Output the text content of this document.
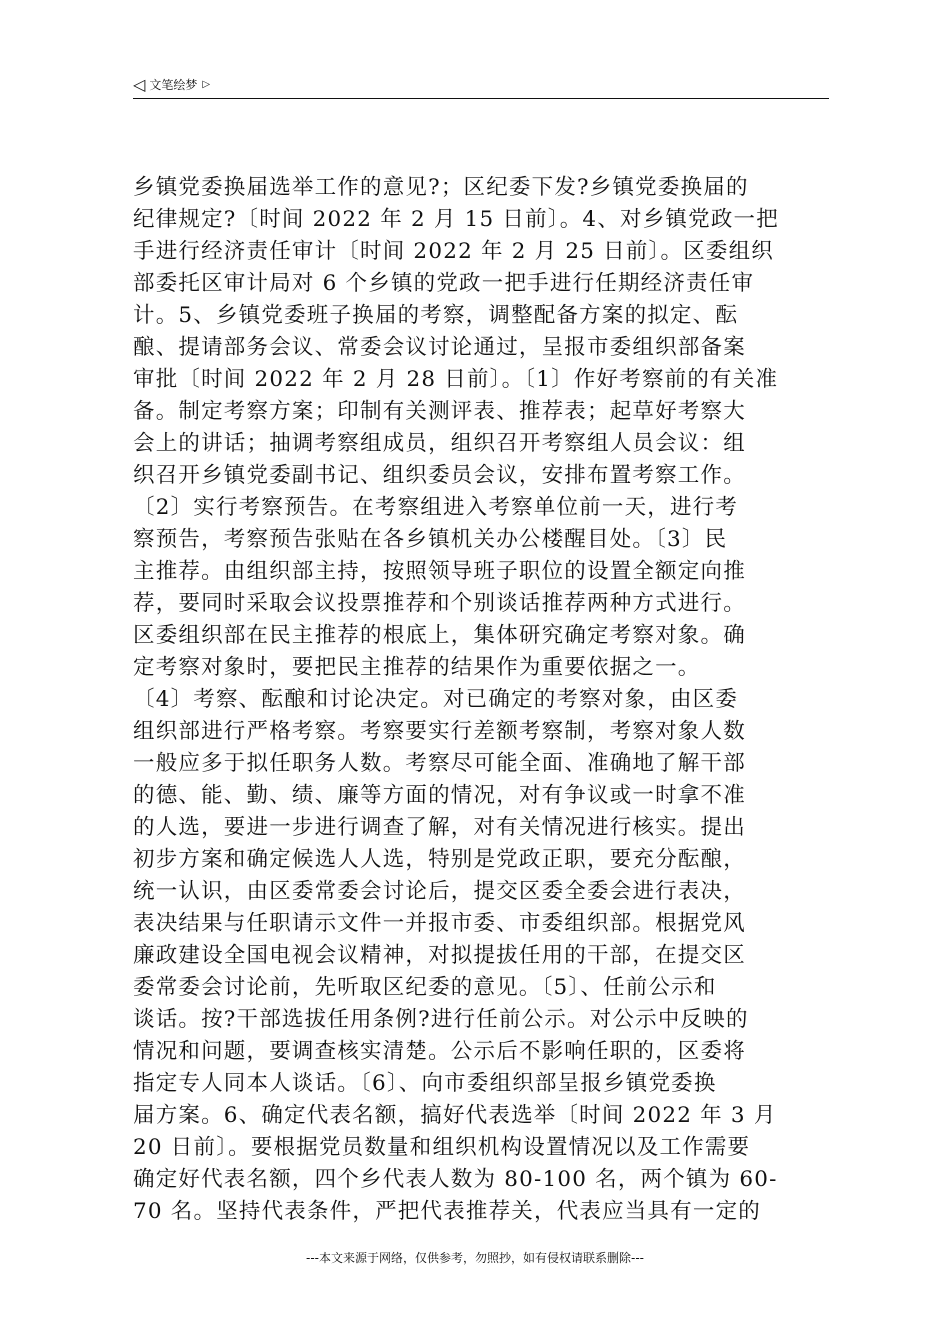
◁ 文笔绘梦 ▷
乡镇党委换届选举工作的意见?；区纪委下发?乡镇党委换届的
纪律规定?〔时间 2022 年 2 月 15 日前〕。4、对乡镇党政一把
手进行经济责任审计〔时间 2022 年 2 月 25 日前〕。区委组织
部委托区审计局对 6 个乡镇的党政一把手进行任期经济责任审
计。5、乡镇党委班子换届的考察，调整配备方案的拟定、酝
酿、提请部务会议、常委会议讨论通过，呈报市委组织部备案
审批〔时间 2022 年 2 月 28 日前〕。〔1〕作好考察前的有关准
备。制定考察方案；印制有关测评表、推荐表；起草好考察大
会上的讲话；抽调考察组成员，组织召开考察组人员会议：组
织召开乡镇党委副书记、组织委员会议，安排布置考察工作。
〔2〕实行考察预告。在考察组进入考察单位前一天，进行考
察预告，考察预告张贴在各乡镇机关办公楼醒目处。〔3〕民
主推荐。由组织部主持，按照领导班子职位的设置全额定向推
荐，要同时采取会议投票推荐和个别谈话推荐两种方式进行。
区委组织部在民主推荐的根底上，集体研究确定考察对象。确
定考察对象时，要把民主推荐的结果作为重要依据之一。
〔4〕考察、酝酿和讨论决定。对已确定的考察对象，由区委
组织部进行严格考察。考察要实行差额考察制，考察对象人数
一般应多于拟任职务人数。考察尽可能全面、准确地了解干部
的德、能、勤、绩、廉等方面的情况，对有争议或一时拿不准
的人选，要进一步进行调查了解，对有关情况进行核实。提出
初步方案和确定候选人人选，特别是党政正职，要充分酝酿，
统一认识，由区委常委会讨论后，提交区委全委会进行表决，
表决结果与任职请示文件一并报市委、市委组织部。根据党风
廉政建设全国电视会议精神，对拟提拔任用的干部，在提交区
委常委会讨论前，先听取区纪委的意见。〔5〕、任前公示和
谈话。按?干部选拔任用条例?进行任前公示。对公示中反映的
情况和问题，要调查核实清楚。公示后不影响任职的，区委将
指定专人同本人谈话。〔6〕、向市委组织部呈报乡镇党委换
届方案。6、确定代表名额，搞好代表选举〔时间 2022 年 3 月
20 日前〕。要根据党员数量和组织机构设置情况以及工作需要
确定好代表名额，四个乡代表人数为 80-100 名，两个镇为 60-
70 名。坚持代表条件，严把代表推荐关，代表应当具有一定的
---本文来源于网络，仅供参考，勿照抄，如有侵权请联系删除---
